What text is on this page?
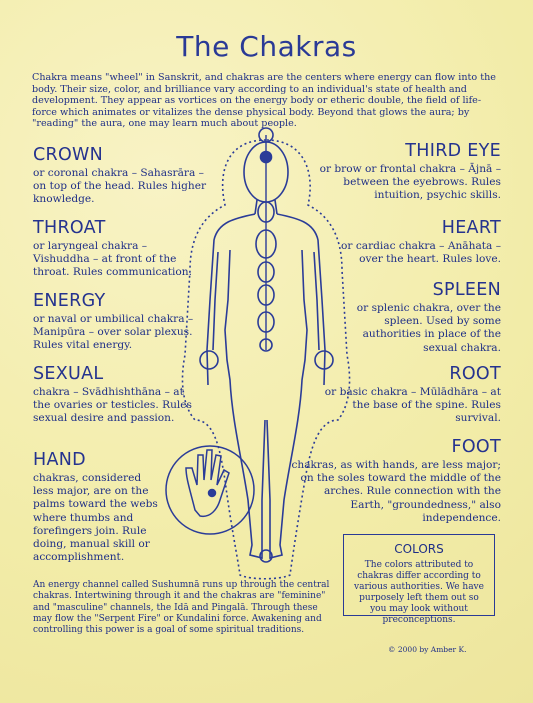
The Chakras
Chakra means "wheel" in Sanskrit, and chakras are the centers where energy can flow into the body. Their size, color, and brilliance vary according to an individual's state of health and development. They appear as vortices on the energy body or etheric double, the field of life-force which animates or vitalizes the dense physical body. Beyond that glows the aura; by "reading" the aura, one may learn much about people.
CROWN
or coronal chakra – Sahasrāra – on top of the head. Rules higher knowledge.
THROAT
or laryngeal chakra – Vishuddha – at front of the throat. Rules communication.
ENERGY
or naval or umbilical chakra – Manipūra – over solar plexus. Rules vital energy.
SEXUAL
chakra – Svādhishthāna – at the ovaries or testicles. Rules sexual desire and passion.
HAND
chakras, considered less major, are on the palms toward the webs where thumbs and forefingers join. Rule doing, manual skill or accomplishment.
THIRD EYE
or brow or frontal chakra – Ājnā – between the eyebrows. Rules intuition, psychic skills.
HEART
or cardiac chakra – Anāhata – over the heart. Rules love.
SPLEEN
or splenic chakra, over the spleen. Used by some authorities in place of the sexual chakra.
ROOT
or basic chakra – Mūlādhāra – at the base of the spine. Rules survival.
FOOT
chakras, as with hands, are less major; on the soles toward the middle of the arches. Rule connection with the Earth, "groundedness," also independence.
COLORS
The colors attributed to chakras differ according to various authorities. We have purposely left them out so you may look without preconceptions.
An energy channel called Sushumnā runs up through the central chakras. Intertwining through it and the chakras are "feminine" and "masculine" channels, the Idā and Pingalā. Through these may flow the "Serpent Fire" or Kundalini force. Awakening and controlling this power is a goal of some spiritual traditions.
© 2000 by Amber K.
